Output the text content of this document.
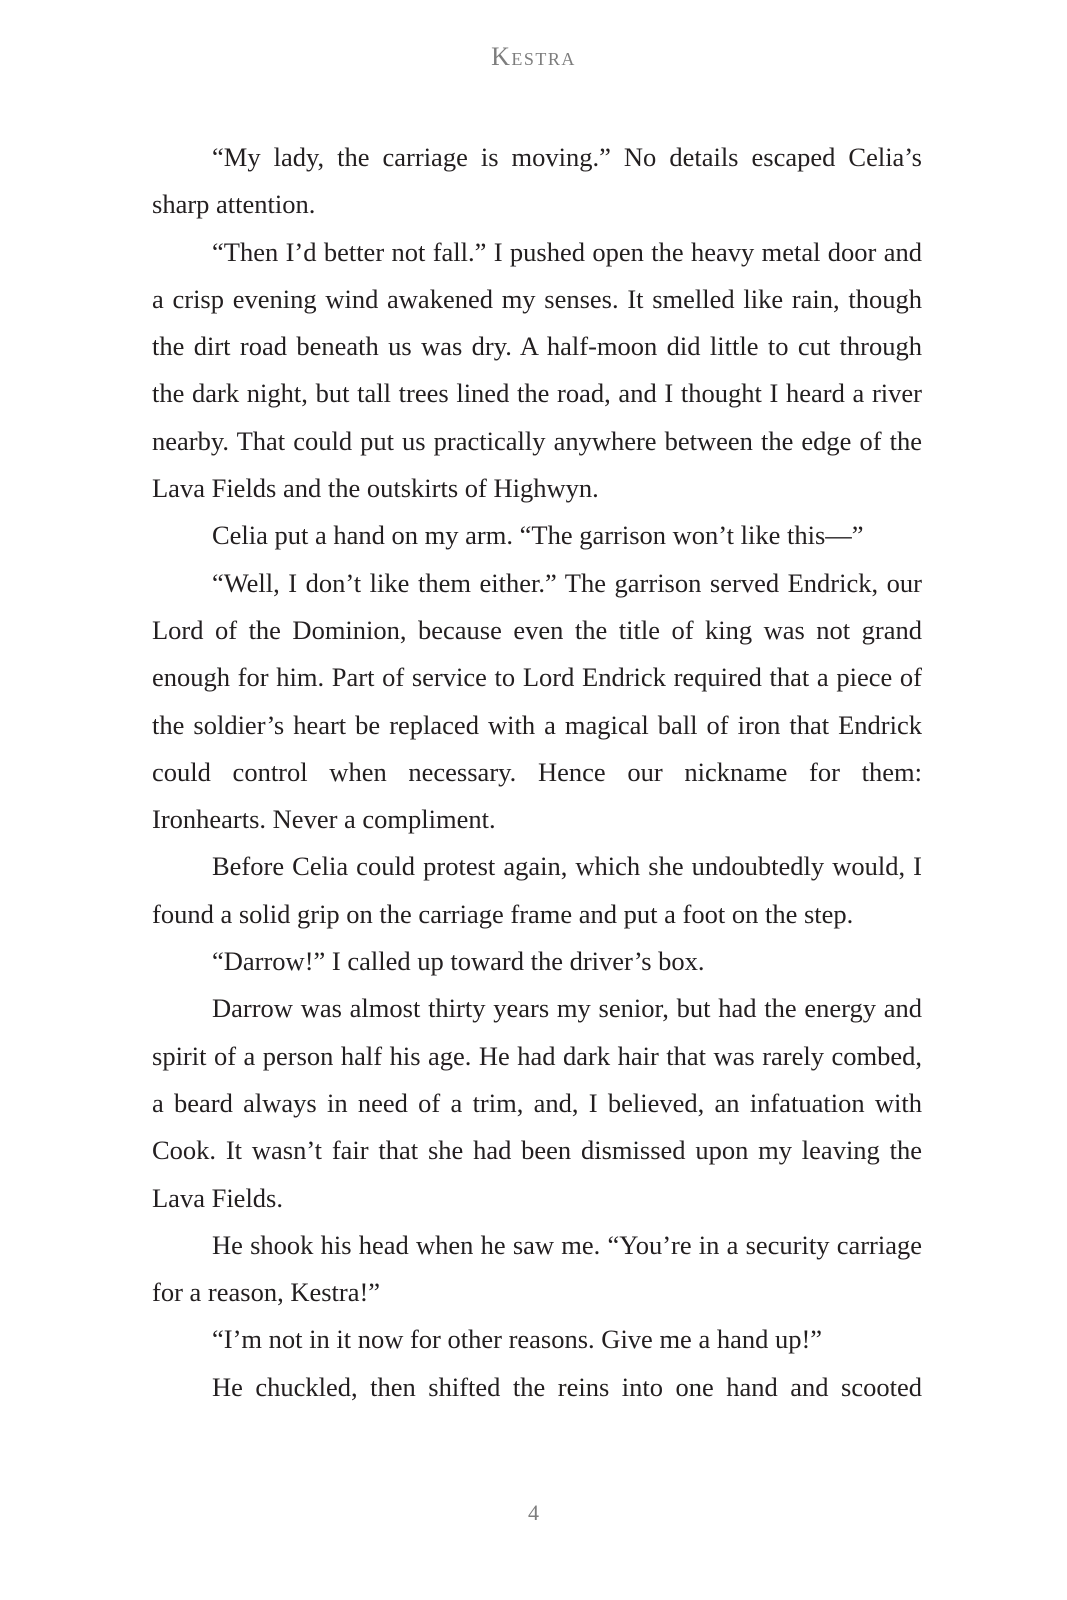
Kestra

“My lady, the carriage is moving.” No details escaped Celia’s sharp attention.

“Then I’d better not fall.” I pushed open the heavy metal door and a crisp evening wind awakened my senses. It smelled like rain, though the dirt road beneath us was dry. A half-moon did little to cut through the dark night, but tall trees lined the road, and I thought I heard a river nearby. That could put us practically anywhere between the edge of the Lava Fields and the outskirts of Highwyn.

Celia put a hand on my arm. “The garrison won’t like this—”

“Well, I don’t like them either.” The garrison served Endrick, our Lord of the Dominion, because even the title of king was not grand enough for him. Part of service to Lord Endrick required that a piece of the soldier’s heart be replaced with a magical ball of iron that Endrick could control when necessary. Hence our nickname for them: Ironhearts. Never a compliment.

Before Celia could protest again, which she undoubtedly would, I found a solid grip on the carriage frame and put a foot on the step.

“Darrow!” I called up toward the driver’s box.

Darrow was almost thirty years my senior, but had the energy and spirit of a person half his age. He had dark hair that was rarely combed, a beard always in need of a trim, and, I believed, an infatuation with Cook. It wasn’t fair that she had been dismissed upon my leaving the Lava Fields.

He shook his head when he saw me. “You’re in a security carriage for a reason, Kestra!”

“I’m not in it now for other reasons. Give me a hand up!”

He chuckled, then shifted the reins into one hand and scooted

4
